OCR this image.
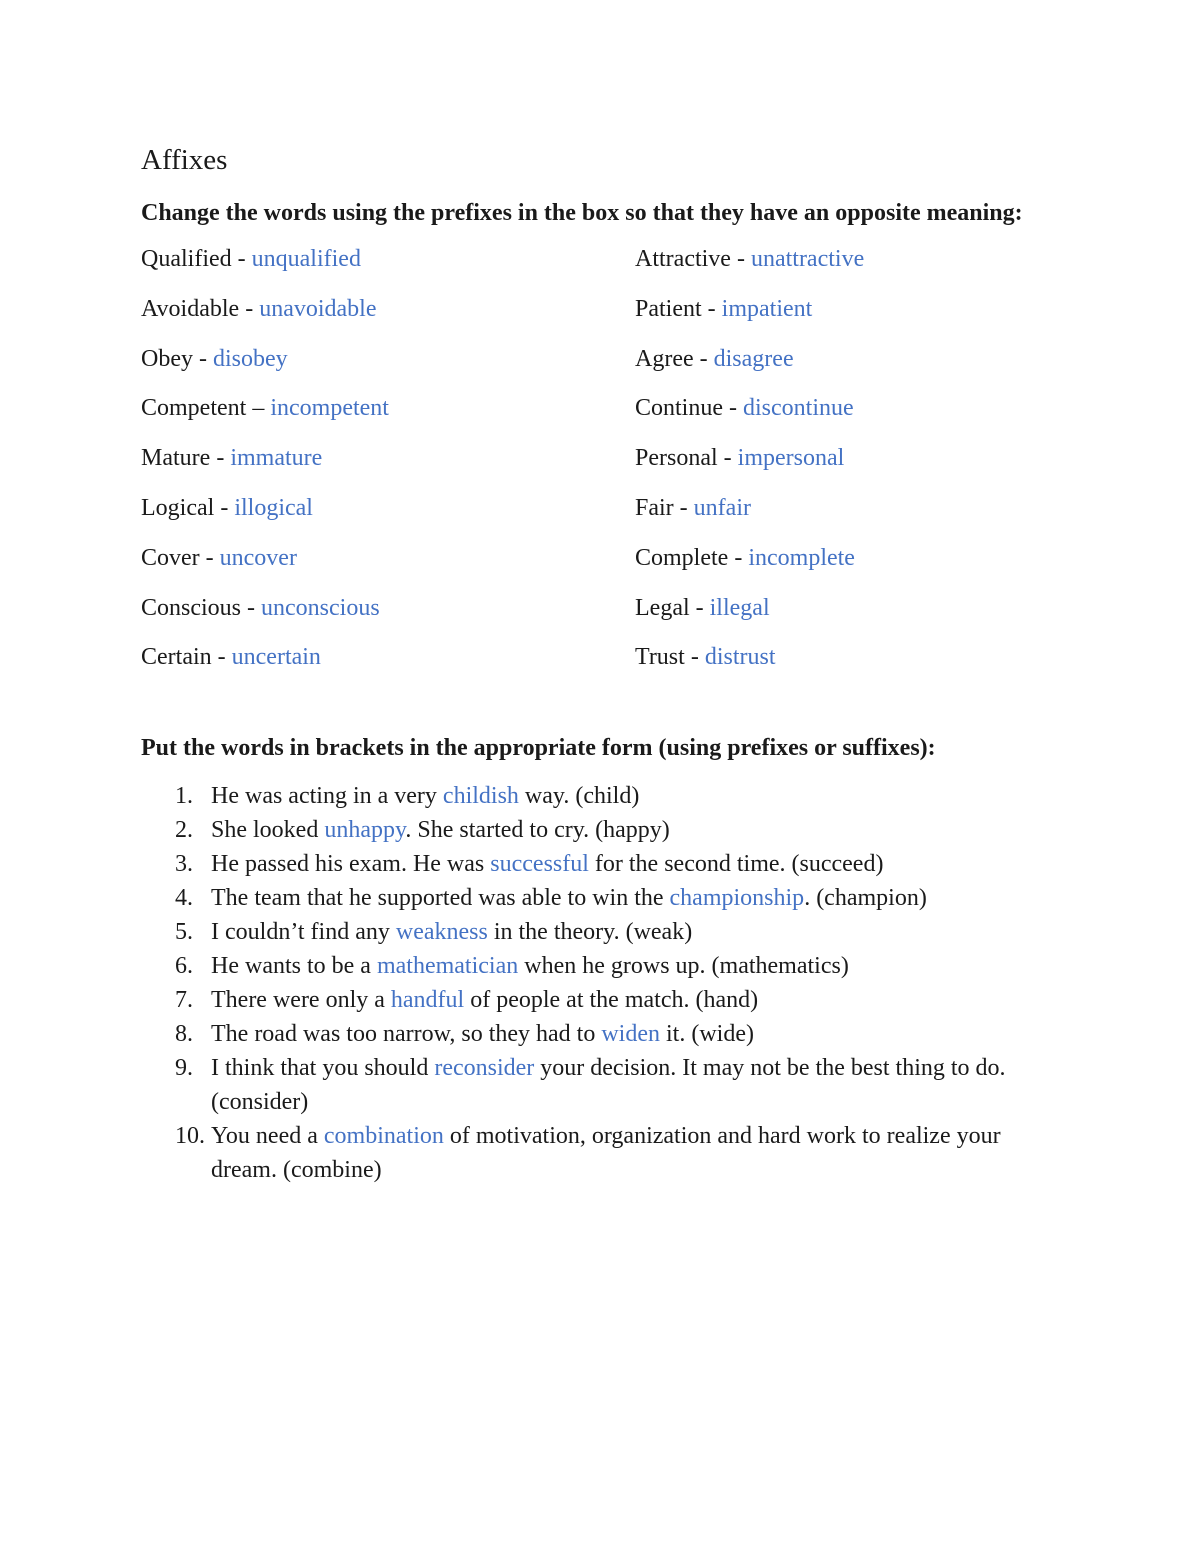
Affixes

Change the words using the prefixes in the box so that they have an opposite meaning:

Qualified - unqualified
Avoidable - unavoidable
Obey - disobey
Competent – incompetent
Mature - immature
Logical - illogical
Cover - uncover
Conscious - unconscious
Certain - uncertain
Attractive - unattractive
Patient - impatient
Agree - disagree
Continue - discontinue
Personal - impersonal
Fair - unfair
Complete - incomplete
Legal - illegal
Trust - distrust

Put the words in brackets in the appropriate form (using prefixes or suffixes):

1. He was acting in a very childish way. (child)
2. She looked unhappy. She started to cry. (happy)
3. He passed his exam. He was successful for the second time. (succeed)
4. The team that he supported was able to win the championship. (champion)
5. I couldn’t find any weakness in the theory. (weak)
6. He wants to be a mathematician when he grows up. (mathematics)
7. There were only a handful of people at the match. (hand)
8. The road was too narrow, so they had to widen it. (wide)
9. I think that you should reconsider your decision. It may not be the best thing to do. (consider)
10. You need a combination of motivation, organization and hard work to realize your dream. (combine)
